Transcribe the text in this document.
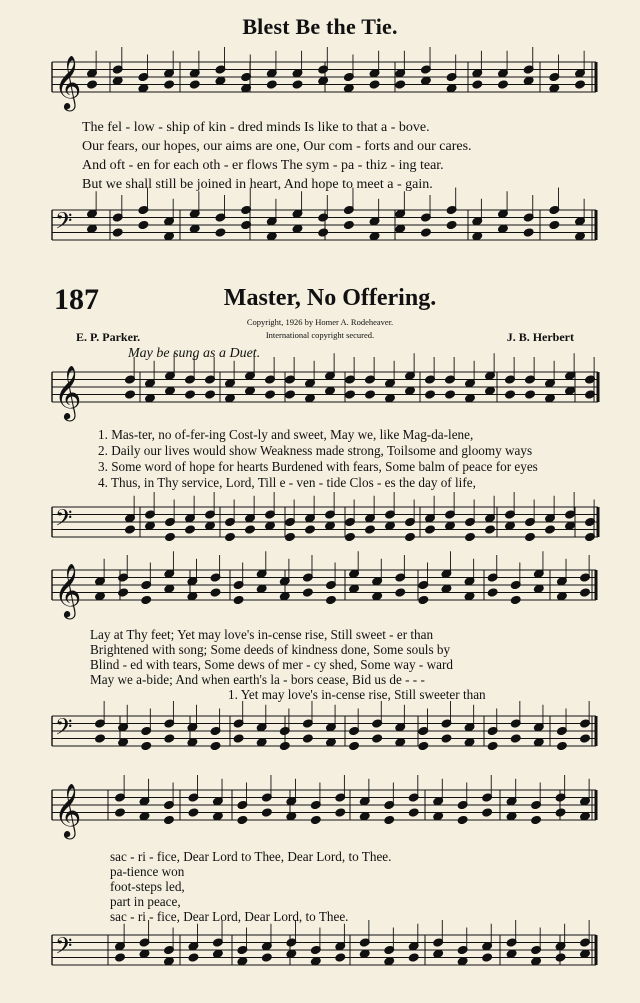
𝄞
𝄢
𝄞
𝄢
𝄞
𝄢
𝄞
𝄢
Blest Be the Tie.
The fel - low - ship of kin - dred minds Is like to that a - bove.
Our fears, our hopes, our aims are one, Our com - forts and our cares.
And oft - en for each oth - er flows The sym - pa - thiz - ing tear.
But we shall still be joined in heart, And hope to meet a - gain.
187	Master, No Offering.
Copyright, 1926 by Homer A. Rodeheaver.
International copyright secured.
E. P. Parker.	J. B. Herbert
May be sung as a Duet.
1. Mas-ter, no of-fer-ing Cost-ly and sweet, May we, like Mag-da-lene,
2. Daily our lives would show Weakness made strong, Toilsome and gloomy ways
3. Some word of hope for hearts Burdened with fears, Some balm of peace for eyes
4. Thus, in Thy service, Lord, Till e - ven - tide Clos - es the day of life,
Lay at Thy feet; Yet may love's in-cense rise, Still sweet - er than
Brightened with song; Some deeds of kindness done, Some souls by
Blind - ed with tears, Some dews of mer - cy shed, Some way - ward
May we a-bide; And when earth's la - bors cease, Bid us de - - -
1. Yet may love's in-cense rise, Still sweeter than
sac - ri - fice, Dear Lord to Thee, Dear Lord, to Thee.
pa-tience won
foot-steps led,
part in peace,
sac - ri - fice, Dear Lord, Dear Lord, to Thee.
